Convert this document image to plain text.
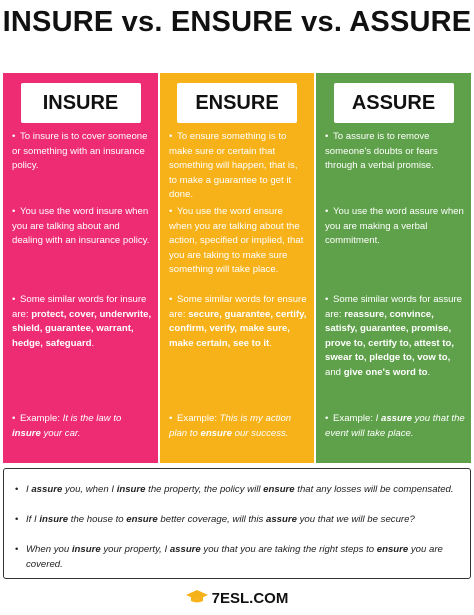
INSURE vs. ENSURE vs. ASSURE
INSURE
• To insure is to cover someone or something with an insurance policy.
• You use the word insure when you are talking about and dealing with an insurance policy.
• Some similar words for insure are: protect, cover, underwrite, shield, guarantee, warrant, hedge, safeguard.
• Example: It is the law to insure your car.
ENSURE
• To ensure something is to make sure or certain that something will happen, that is, to make a guarantee to get it done.
• You use the word ensure when you are talking about the action, specified or implied, that you are taking to make sure something will take place.
• Some similar words for ensure are: secure, guarantee, certify, confirm, verify, make sure, make certain, see to it.
• Example: This is my action plan to ensure our success.
ASSURE
• To assure is to remove someone's doubts or fears through a verbal promise.
• You use the word assure when you are making a verbal commitment.
• Some similar words for assure are: reassure, convince, satisfy, guarantee, promise, prove to, certify to, attest to, swear to, pledge to, vow to, and give one's word to.
• Example: I assure you that the event will take place.
• I assure you, when I insure the property, the policy will ensure that any losses will be compensated.
• If I insure the house to ensure better coverage, will this assure you that we will be secure?
• When you insure your property, I assure you that you are taking the right steps to ensure you are covered.
7ESL.COM
